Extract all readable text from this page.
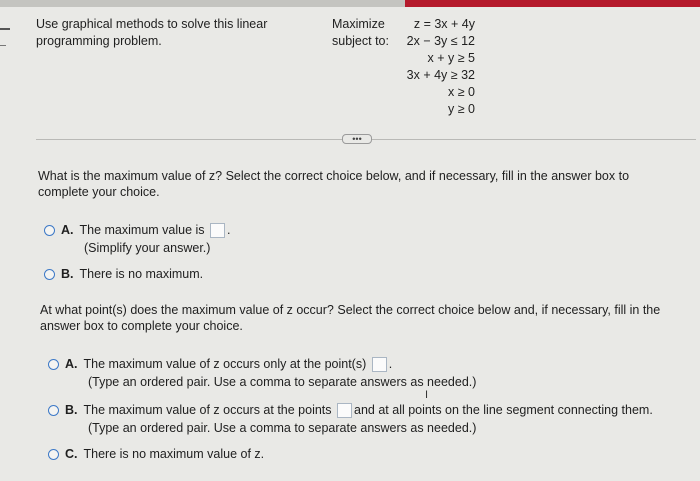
Use graphical methods to solve this linear programming problem.
Maximize
subject to:
z = 3x + 4y
2x − 3y ≤ 12
x + y ≥ 5
3x + 4y ≥ 32
x ≥ 0
y ≥ 0
•••
What is the maximum value of z? Select the correct choice below, and if necessary, fill in the answer box to complete your choice.
A. The maximum value is .
(Simplify your answer.)
B. There is no maximum.
At what point(s) does the maximum value of z occur? Select the correct choice below and, if necessary, fill in the answer box to complete your choice.
A. The maximum value of z occurs only at the point(s) .
(Type an ordered pair. Use a comma to separate answers as needed.)
B. The maximum value of z occurs at the points and at all points on the line segment connecting them.
(Type an ordered pair. Use a comma to separate answers as needed.)
C. There is no maximum value of z.
I
